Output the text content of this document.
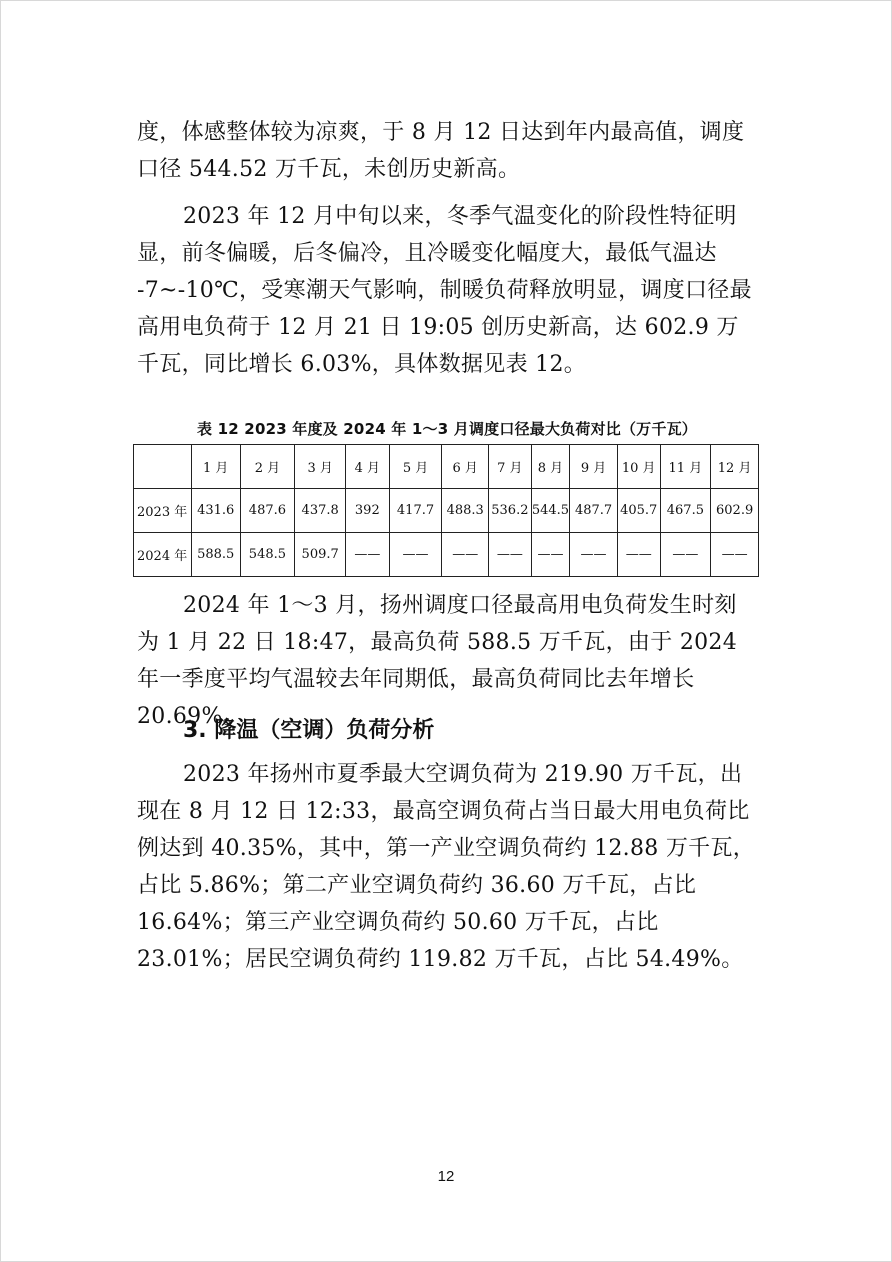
度，体感整体较为凉爽，于 8 月 12 日达到年内最高值，调度口径 544.52 万千瓦，未创历史新高。

2023 年 12 月中旬以来，冬季气温变化的阶段性特征明显，前冬偏暖，后冬偏冷，且冷暖变化幅度大，最低气温达 -7~-10℃，受寒潮天气影响，制暖负荷释放明显，调度口径最高用电负荷于 12 月 21 日 19:05 创历史新高，达 602.9 万千瓦，同比增长 6.03%，具体数据见表 12。

表 12 2023 年度及 2024 年 1～3 月调度口径最大负荷对比（万千瓦）
	1 月	2 月	3 月	4 月	5 月	6 月	7 月	8 月	9 月	10 月	11 月	12 月
2023 年	431.6	487.6	437.8	392	417.7	488.3	536.2	544.5	487.7	405.7	467.5	602.9
2024 年	588.5	548.5	509.7	——	——	——	——	——	——	——	——	——

2024 年 1～3 月，扬州调度口径最高用电负荷发生时刻为 1 月 22 日 18:47，最高负荷 588.5 万千瓦，由于 2024 年一季度平均气温较去年同期低，最高负荷同比去年增长 20.69%。

3. 降温（空调）负荷分析

2023 年扬州市夏季最大空调负荷为 219.90 万千瓦，出现在 8 月 12 日 12:33，最高空调负荷占当日最大用电负荷比例达到 40.35%，其中，第一产业空调负荷约 12.88 万千瓦，占比 5.86%；第二产业空调负荷约 36.60 万千瓦，占比 16.64%；第三产业空调负荷约 50.60 万千瓦，占比 23.01%；居民空调负荷约 119.82 万千瓦，占比 54.49%。

12
